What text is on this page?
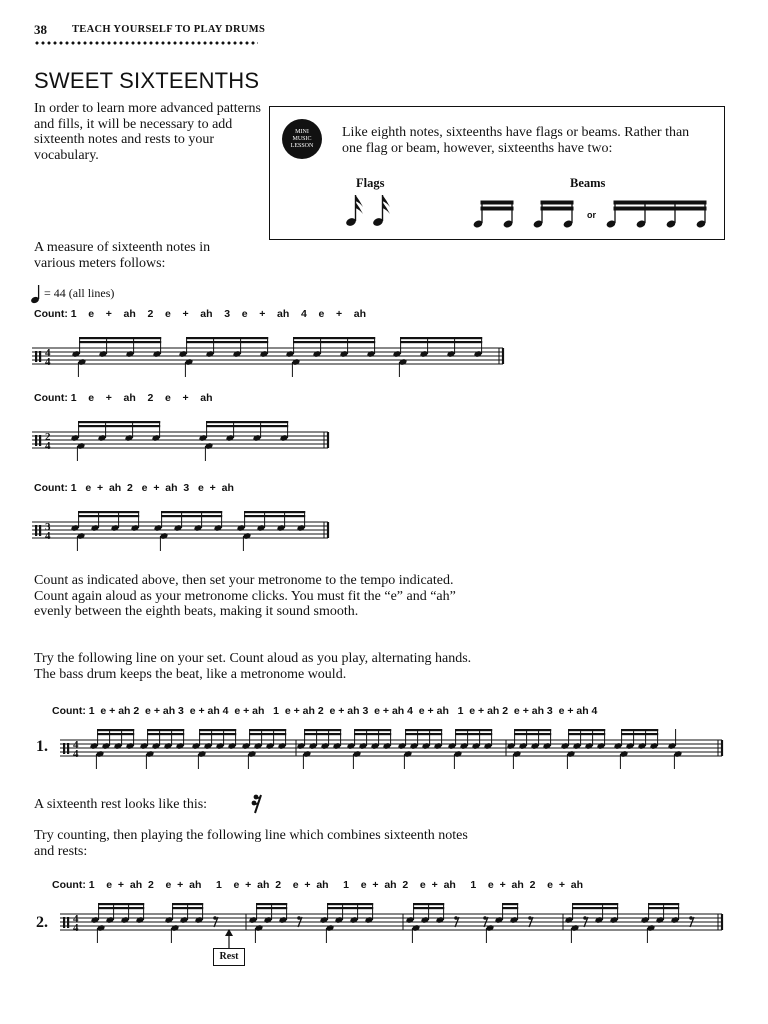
38 TEACH YOURSELF TO PLAY DRUMS
SWEET SIXTEENTHS
In order to learn more advanced patterns and fills, it will be necessary to add sixteenth notes and rests to your vocabulary.
MINI
MUSIC
LESSON
Like eighth notes, sixteenths have flags or beams. Rather than one flag or beam, however, sixteenths have two:
Flags	Beams
or
A measure of sixteenth notes in various meters follows:
= 44 (all lines)
Count: 1    e    +    ah    2    e    +    ah    3    e    +    ah    4    e    +    ah
4
4
Count: 1    e    +    ah    2    e    +    ah
2
4
Count: 1   e  +  ah  2   e  +  ah  3   e  +  ah
3
4
Count as indicated above, then set your metronome to the tempo indicated. Count again aloud as your metronome clicks. You must fit the “e” and “ah” evenly between the eighth beats, making it sound smooth.
Try the following line on your set. Count aloud as you play, alternating hands. The bass drum keeps the beat, like a metronome would.
Count: 1  e + ah 2  e + ah 3  e + ah 4  e + ah   1  e + ah 2  e + ah 3  e + ah 4  e + ah   1  e + ah 2  e + ah 3  e + ah 4
1. 4
4
A sixteenth rest looks like this:
Try counting, then playing the following line which combines sixteenth notes and rests:
Count: 1    e  +  ah  2    e  +  ah     1    e  +  ah  2    e  +  ah     1    e  +  ah  2    e  +  ah     1    e  +  ah  2    e  +  ah
2. 4
4
Rest
